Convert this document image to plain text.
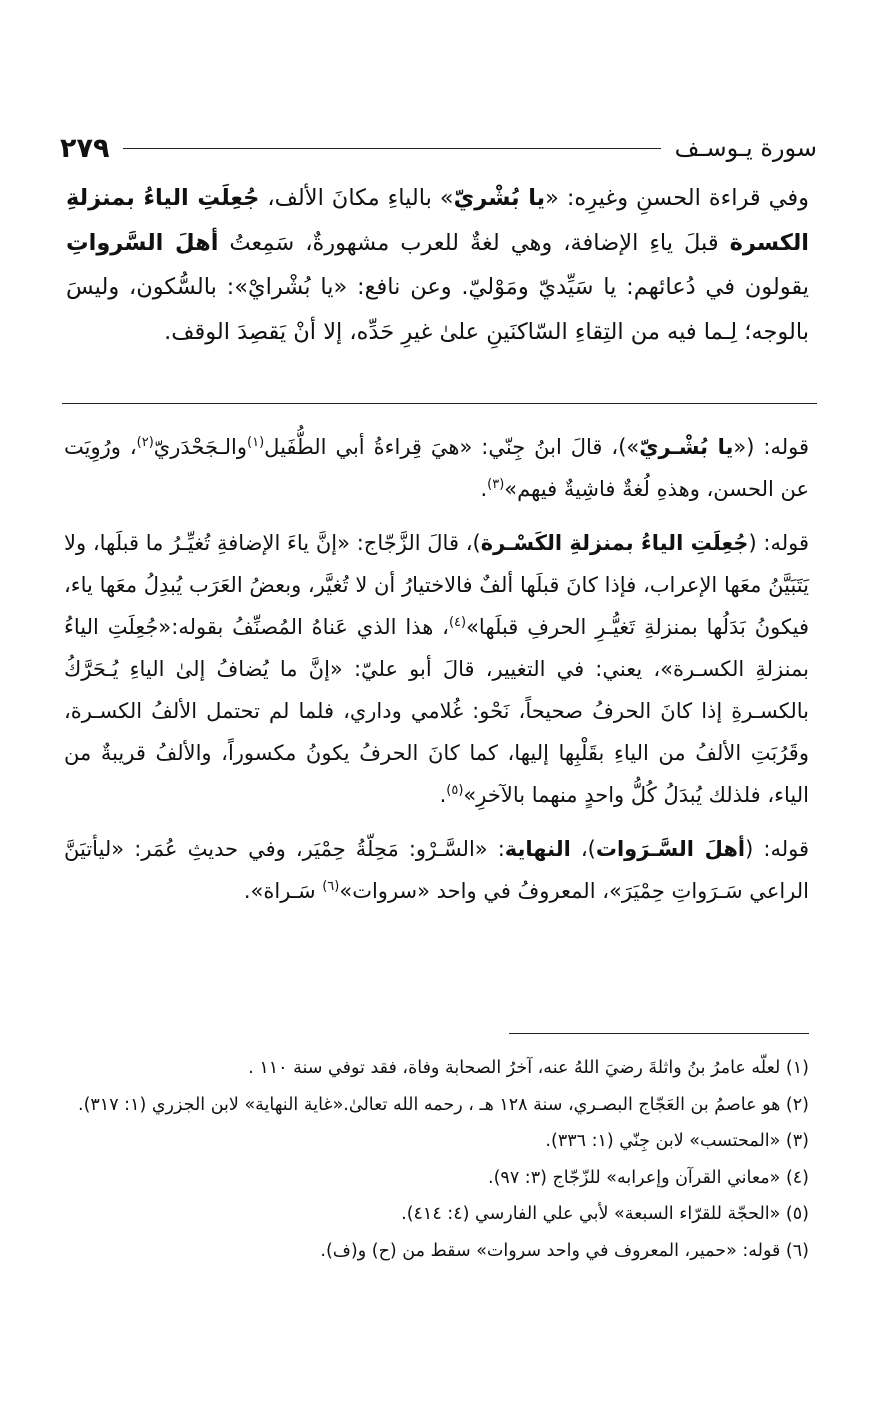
سورة يـوسـف
٢٧٩

وفي قراءة الحسنِ وغيرِه: «يا بُشْريّ» بالياءِ مكانَ الألف، جُعِلَتِ الياءُ بمنزلةِ الكسرة قبلَ ياءِ الإضافة، وهي لغةٌ للعرب مشهورةٌ، سَمِعتُ أهلَ السَّرواتِ يقولون في دُعائهم: يا سَيِّديّ ومَوْليّ. وعن نافع: «يا بُشْرايْ»: بالسُّكون، وليسَ بالوجه؛ لِـما فيه من التِقاءِ السّاكنَينِ علىٰ غيرِ حَدِّه، إلا أنْ يَقصِدَ الوقف.

قوله: («يا بُشْـريّ»)، قالَ ابنُ جِنّي: «هيَ قِراءةُ أبي الطُّفَيل$^{(١)}$والـجَحْدَريّ$^{(٢)}$، ورُوِيَت عن الحسن، وهذهِ لُغةٌ فاشِيةٌ فيهم»$^{(٣)}$.

قوله: (جُعِلَتِ الياءُ بمنزلةِ الكَسْـرة)، قالَ الزَّجّاج: «إنَّ ياءَ الإضافةِ تُغيِّـرُ ما قبلَها، ولا يَتَبَيَّنُ معَها الإعراب، فإذا كانَ قبلَها ألفٌ فالاختيارُ أن لا تُغيَّر، وبعضُ العَرَب يُبدِلُ معَها ياء، فيكونُ بَدَلُها بمنزلةِ تَغيُّـرِ الحرفِ قبلَها»$^{(٤)}$، هذا الذي عَناهُ المُصنِّفُ بقوله:«جُعِلَتِ الياءُ بمنزلةِ الكسـرة»، يعني: في التغيير، قالَ أبو عليّ: «إنَّ ما يُضافُ إلىٰ الياءِ يُـحَرَّكُ بالكسـرةِ إذا كانَ الحرفُ صحيحاً، نَحْو: غُلامي وداري، فلما لم تحتمل الألفُ الكسـرة، وقَرُبَتِ الألفُ من الياءِ بقَلْبِها إليها، كما كانَ الحرفُ يكونُ مكسوراً، والألفُ قريبةٌ من الياء، فلذلك يُبدَلُ كُلُّ واحدٍ منهما بالآخرِ»$^{(٥)}$.

قوله: (أهلَ السَّـرَوات)، النهاية: «السَّـرْو: مَحِلّةُ حِمْيَر، وفي حديثِ عُمَر: «ليأتيَنَّ الراعي سَـرَواتِ حِمْيَرَ»، المعروفُ في واحد «سروات»$^{(٦)}$ سَـراة».

(١) لعلّه عامرُ بنُ واثلةَ رضيَ اللهُ عنه، آخرُ الصحابة وفاة، فقد توفي سنة ١١٠ .
(٢) هو عاصمُ بن العَجّاج البصـري، سنة ١٢٨ هـ ، رحمه الله تعالىٰ.«غاية النهاية» لابن الجزري (١: ٣١٧).
(٣) «المحتسب» لابن جِنّي (١: ٣٣٦).
(٤) «معاني القرآن وإعرابه» للزّجّاج (٣: ٩٧).
(٥) «الحجّة للقرّاء السبعة» لأبي علي الفارسي (٤: ٤١٤).
(٦) قوله: «حمير، المعروف في واحد سروات» سقط من (ح) و(ف).
